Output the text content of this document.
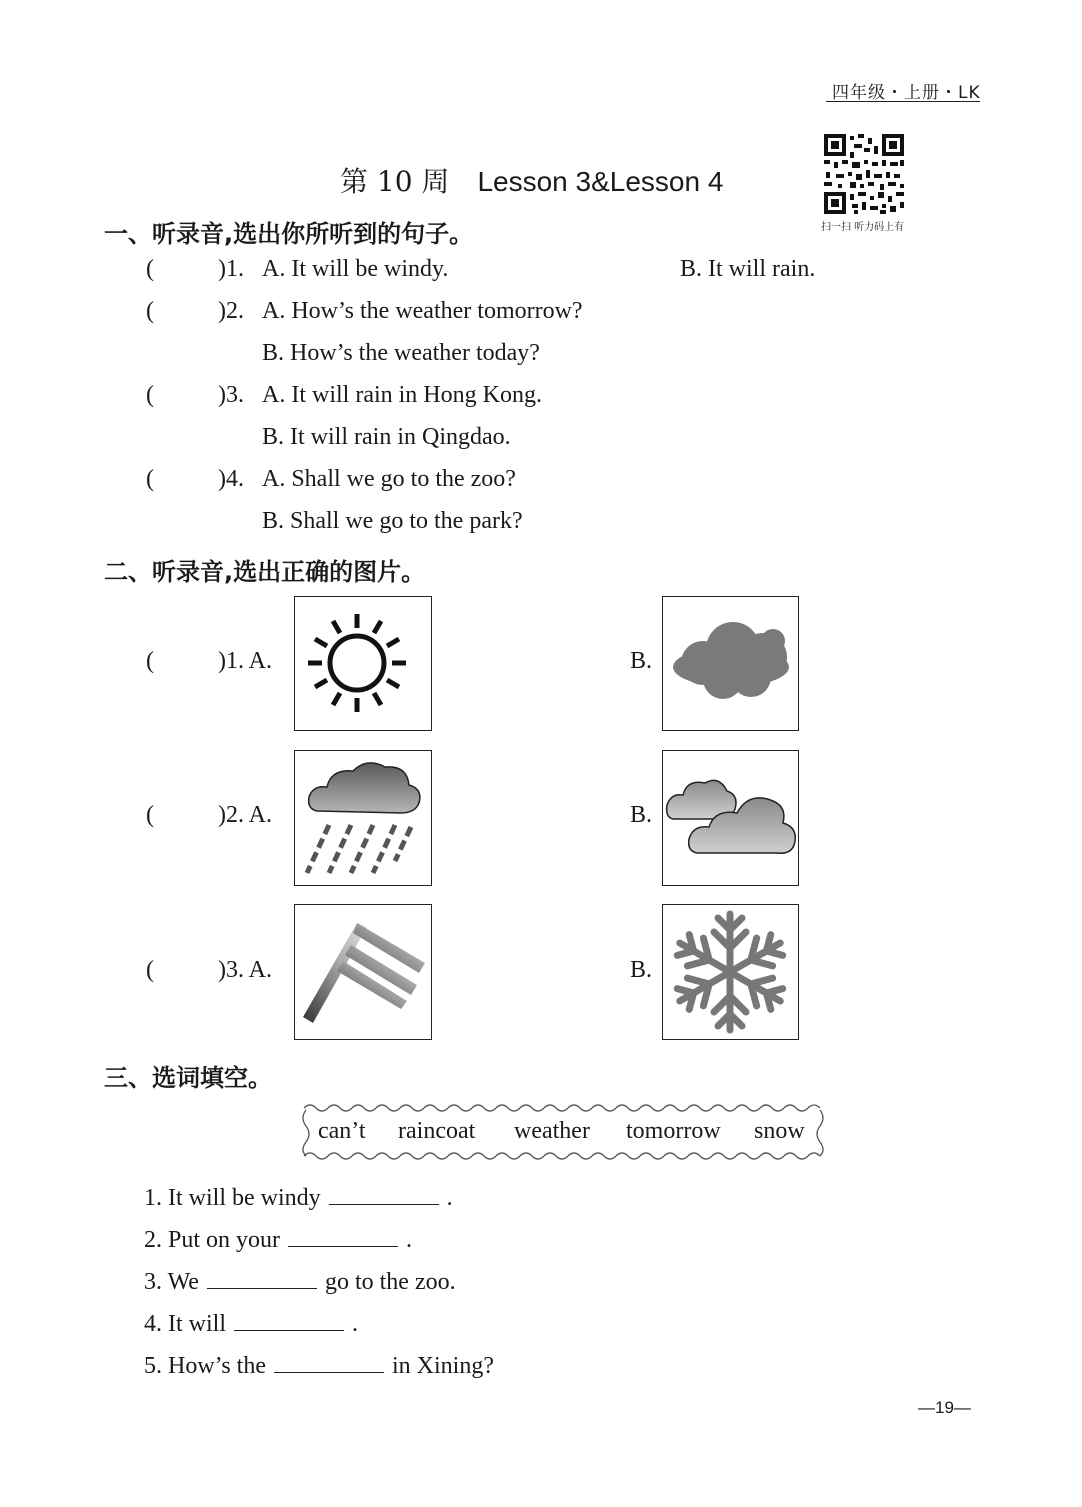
四年级・上册・LK
扫一扫 听力码上有
第 10 周 Lesson 3&Lesson 4
一、听录音,选出你所听到的句子。
(	)1. A. It will be windy.	B. It will rain.
(	)2. A. How’s the weather tomorrow?
B. How’s the weather today?
(	)3. A. It will rain in Hong Kong.
B. It will rain in Qingdao.
(	)4. A. Shall we go to the zoo?
B. Shall we go to the park?
二、听录音,选出正确的图片。
(	)1. A.	B.
(	)2. A.	B.
(	)3. A.	B.
三、选词填空。
can’t raincoat weather tomorrow snow
1. It will be windy	.
2. Put on your	.
3. We	go to the zoo.
4. It will	.
5. How’s the	in Xining?
—19—
